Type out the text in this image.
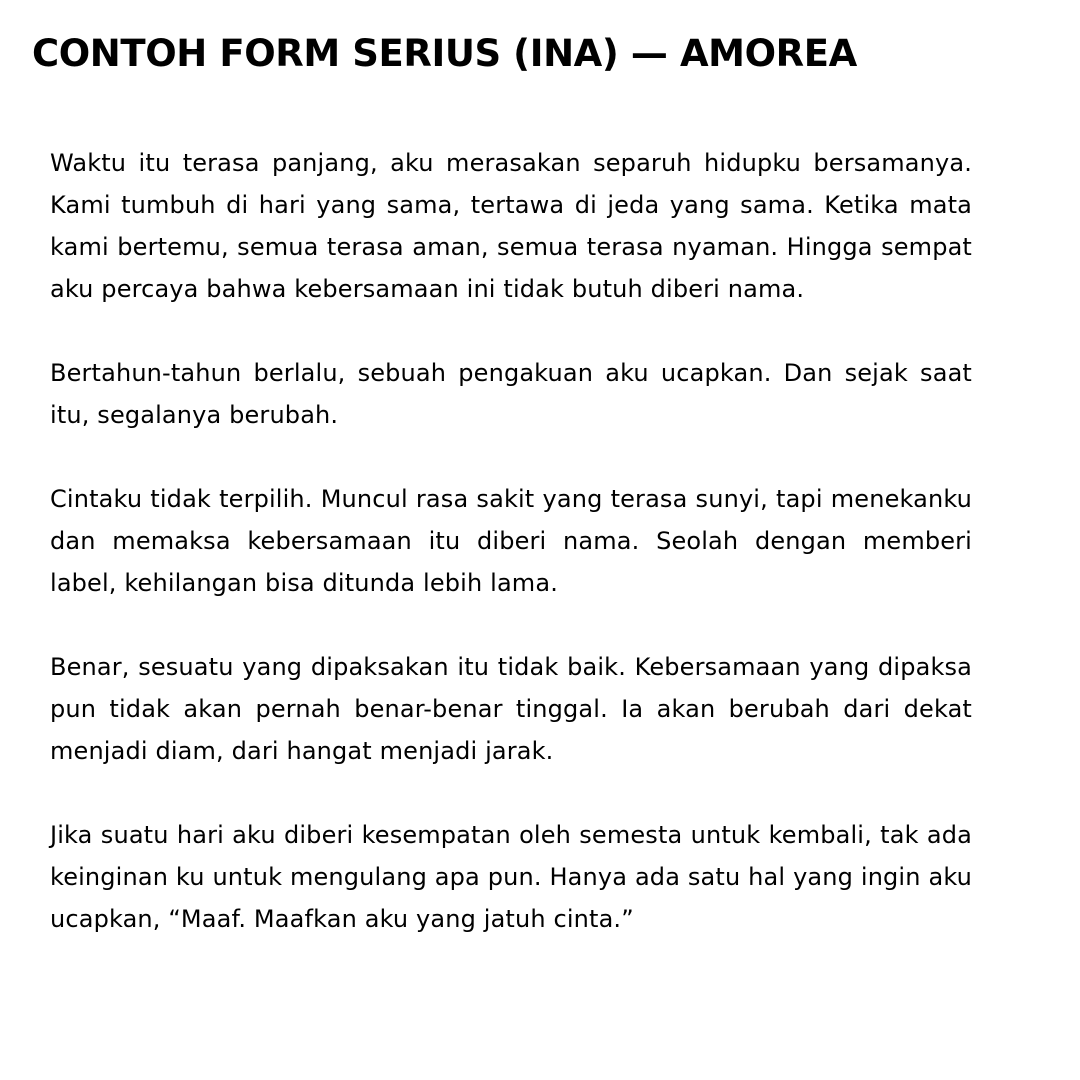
CONTOH FORM SERIUS (INA) — AMOREA

Waktu itu terasa panjang, aku merasakan separuh hidupku bersamanya. Kami tumbuh di hari yang sama, tertawa di jeda yang sama. Ketika mata kami bertemu, semua terasa aman, semua terasa nyaman. Hingga sempat aku percaya bahwa kebersamaan ini tidak butuh diberi nama.

Bertahun-tahun berlalu, sebuah pengakuan aku ucapkan. Dan sejak saat itu, segalanya berubah.

Cintaku tidak terpilih. Muncul rasa sakit yang terasa sunyi, tapi menekanku dan memaksa kebersamaan itu diberi nama. Seolah dengan memberi label, kehilangan bisa ditunda lebih lama.

Benar, sesuatu yang dipaksakan itu tidak baik. Kebersamaan yang dipaksa pun tidak akan pernah benar-benar tinggal. Ia akan berubah dari dekat menjadi diam, dari hangat menjadi jarak.

Jika suatu hari aku diberi kesempatan oleh semesta untuk kembali, tak ada keinginan ku untuk mengulang apa pun. Hanya ada satu hal yang ingin aku ucapkan, “Maaf. Maafkan aku yang jatuh cinta.”
